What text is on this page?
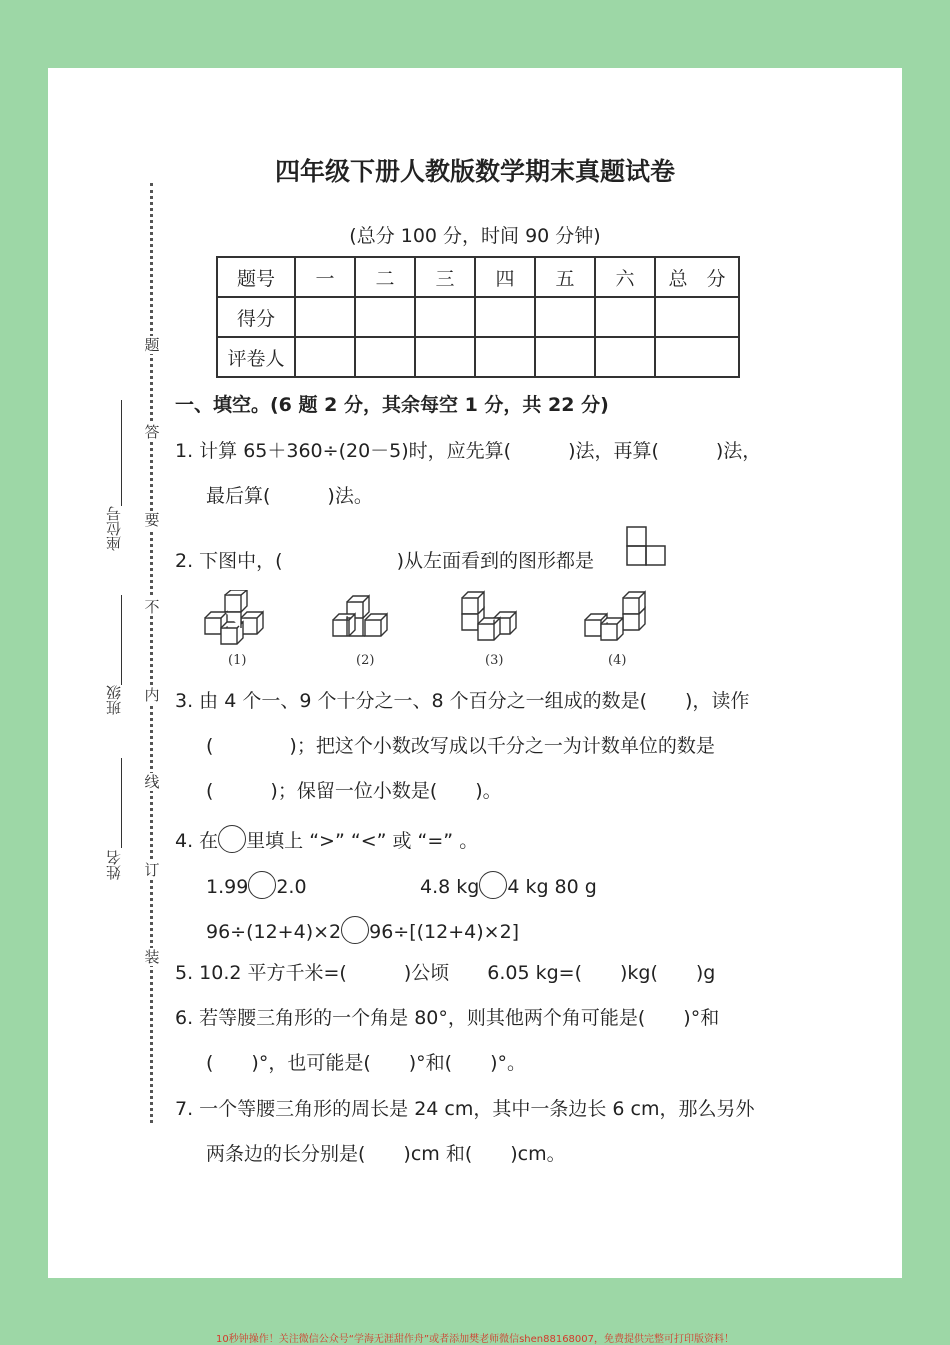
四年级下册人教版数学期末真题试卷
(总分 100 分，时间 90 分钟)
题号	一	二	三	四	五	六	总　分
得分							
评卷人							
题
答
要
不
内
线
订
装
座位号
班级
姓名
一、填空。(6 题 2 分，其余每空 1 分，共 22 分)
1. 计算 65＋360÷(20－5)时，应先算(　　　)法，再算(　　　)法，
最后算(　　　)法。
2. 下图中，(　　　　　　)从左面看到的图形都是
(1)	(2)	(3)	(4)
3. 由 4 个一、9 个十分之一、8 个百分之一组成的数是(　　)，读作
(　　　　)；把这个小数改写成以千分之一为计数单位的数是
(　　　)；保留一位小数是(　　)。
4. 在 里填上 “>” “<” 或 “=” 。
1.99 2.0	4.8 kg 4 kg 80 g
96÷(12+4)×2 96÷[(12+4)×2]
5. 10.2 平方千米=(　　　)公顷　　6.05 kg=(　　)kg(　　)g
6. 若等腰三角形的一个角是 80°，则其他两个角可能是(　　)°和
(　　)°，也可能是(　　)°和(　　)°。
7. 一个等腰三角形的周长是 24 cm，其中一条边长 6 cm，那么另外
两条边的长分别是(　　)cm 和(　　)cm。
10秒钟操作！关注微信公众号“学海无涯甜作舟”或者添加樊老师微信shen88168007，免费提供完整可打印版资料！
